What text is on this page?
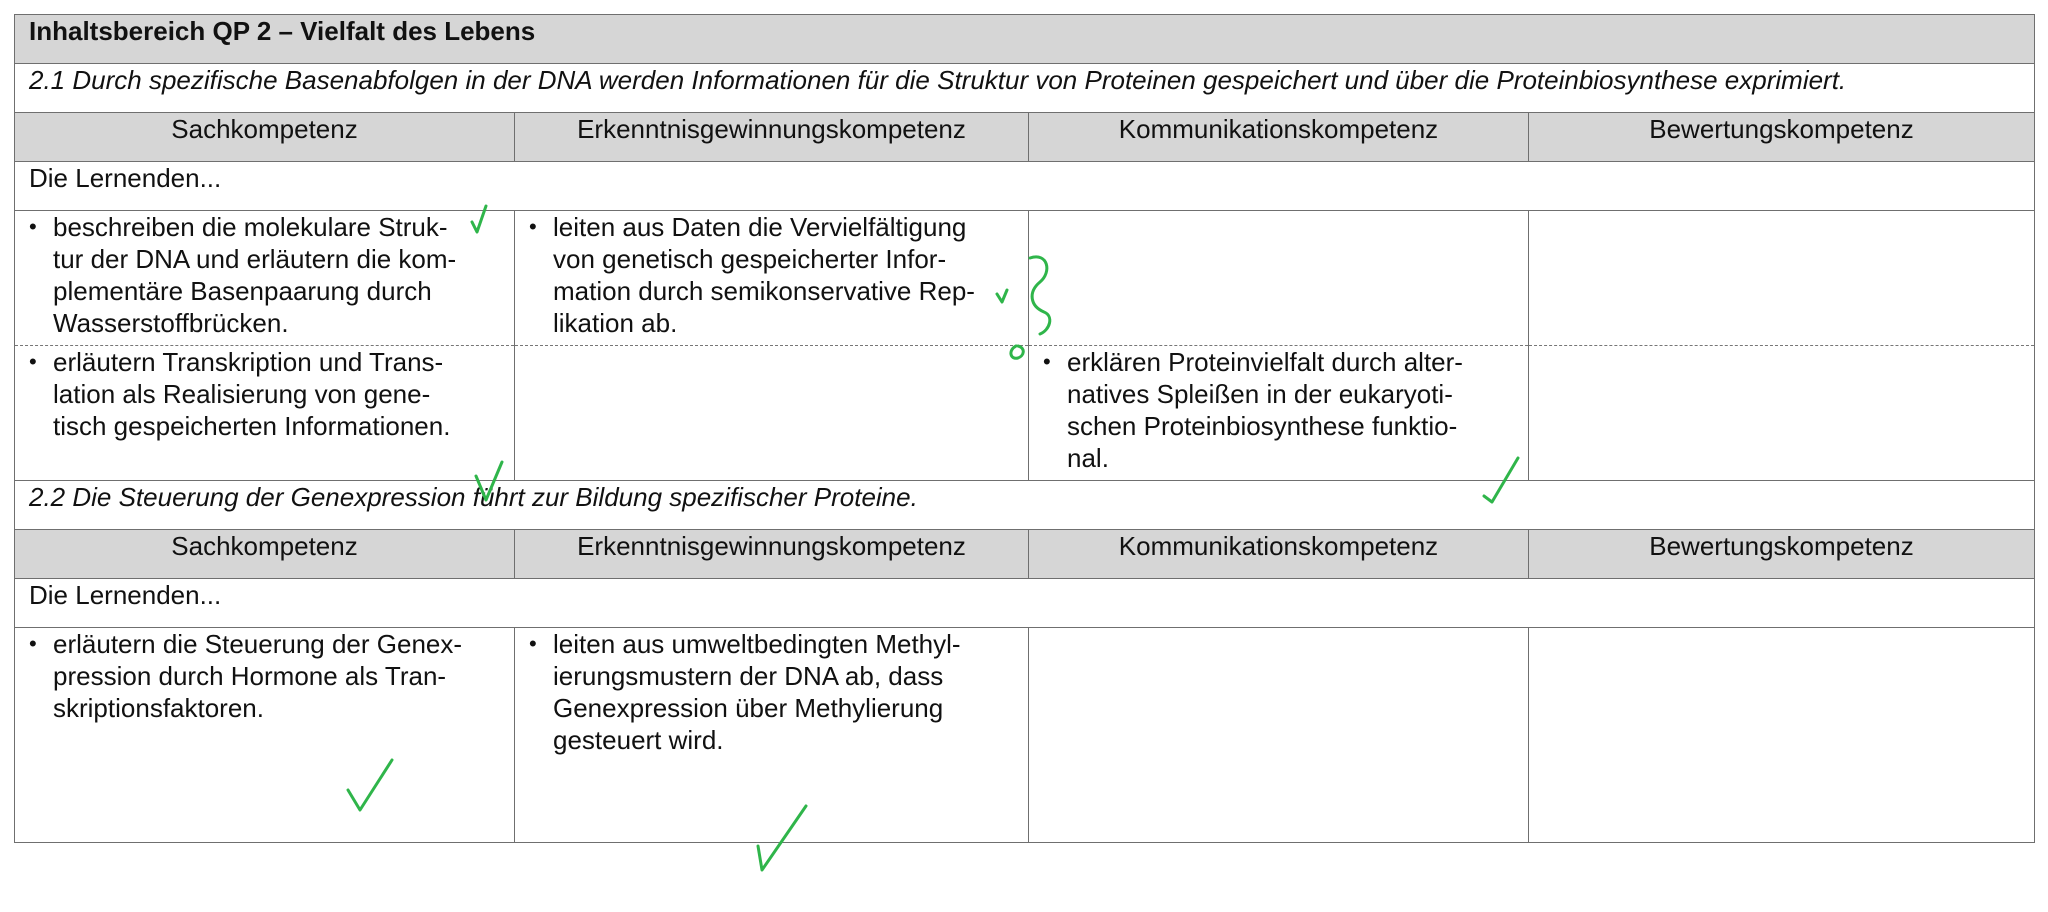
Inhaltsbereich QP 2 – Vielfalt des Lebens			
2.1 Durch spezifische Basenabfolgen in der DNA werden Informationen für die Struktur von Proteinen gespeichert und über die Proteinbiosynthese exprimiert.			
Sachkompetenz	Erkenntnisgewinnungskompetenz	Kommunikationskompetenz	Bewertungskompetenz
Die Lernenden...			

• beschreiben die molekulare Struk-
tur der DNA und erläutern die kom-
plementäre Basenpaarung durch
Wasserstoffbrücken.	• leiten aus Daten die Vervielfältigung
von genetisch gespeicherter Infor-
mation durch semikonservative Rep-
likation ab.		

• erläutern Transkription und Trans-
lation als Realisierung von gene-
tisch gespeicherten Informationen.		• erklären Proteinvielfalt durch alter-
natives Spleißen in der eukaryoti-
schen Proteinbiosynthese funktio-
nal.	

2.2 Die Steuerung der Genexpression führt zur Bildung spezifischer Proteine.			
Sachkompetenz	Erkenntnisgewinnungskompetenz	Kommunikationskompetenz	Bewertungskompetenz
Die Lernenden...			

• erläutern die Steuerung der Genex-
pression durch Hormone als Tran-
skriptionsfaktoren.	• leiten aus umweltbedingten Methyl-
ierungsmustern der DNA ab, dass
Genexpression über Methylierung
gesteuert wird.		
